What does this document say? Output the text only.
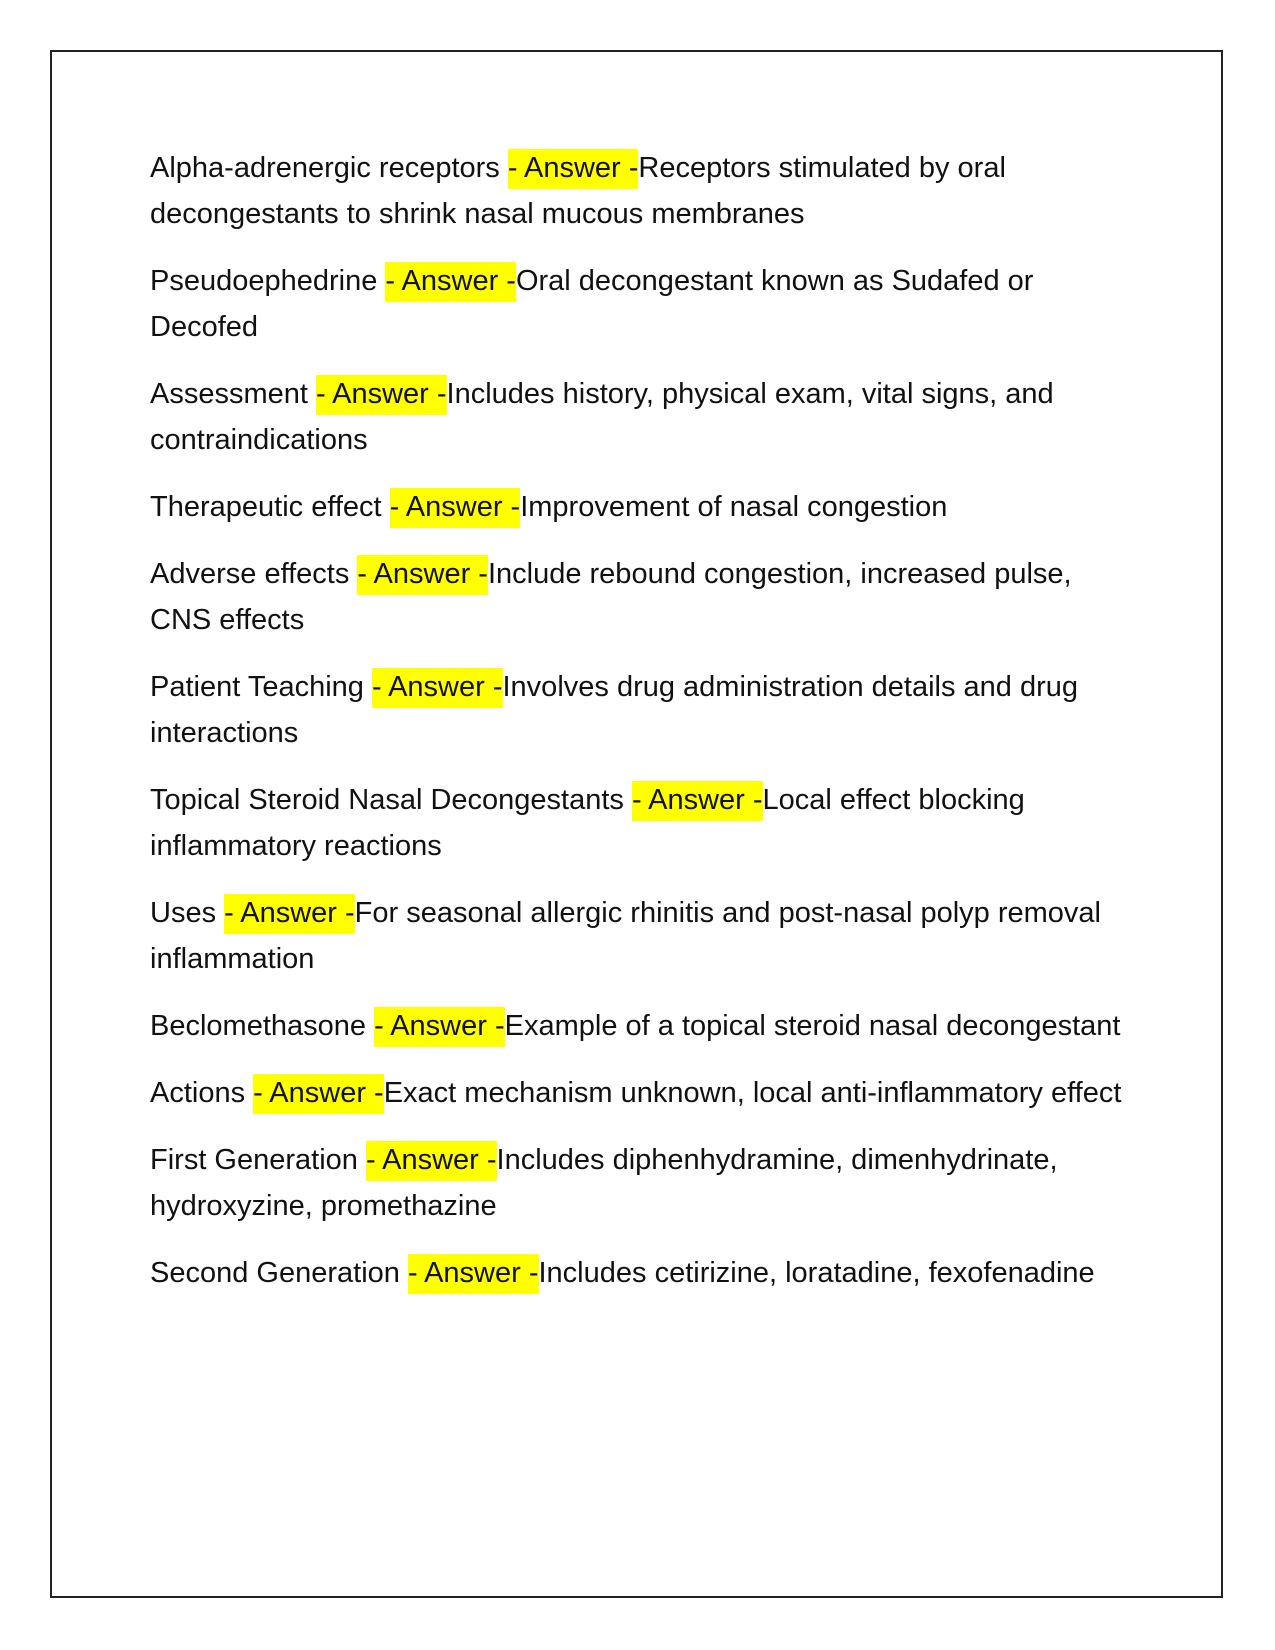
Alpha-adrenergic receptors - Answer -Receptors stimulated by oral decongestants to shrink nasal mucous membranes

Pseudoephedrine - Answer -Oral decongestant known as Sudafed or Decofed

Assessment - Answer -Includes history, physical exam, vital signs, and contraindications

Therapeutic effect - Answer -Improvement of nasal congestion

Adverse effects - Answer -Include rebound congestion, increased pulse, CNS effects

Patient Teaching - Answer -Involves drug administration details and drug interactions

Topical Steroid Nasal Decongestants - Answer -Local effect blocking inflammatory reactions

Uses - Answer -For seasonal allergic rhinitis and post-nasal polyp removal inflammation

Beclomethasone - Answer -Example of a topical steroid nasal decongestant

Actions - Answer -Exact mechanism unknown, local anti-inflammatory effect

First Generation - Answer -Includes diphenhydramine, dimenhydrinate, hydroxyzine, promethazine

Second Generation - Answer -Includes cetirizine, loratadine, fexofenadine
